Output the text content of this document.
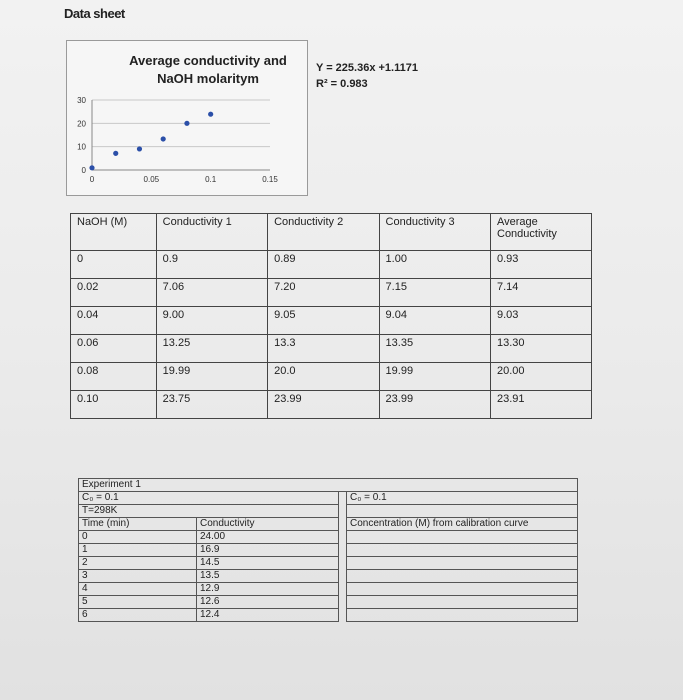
Data sheet
Average conductivity and
NaOH molaritym
Y = 225.36x +1.1171
R² = 0.983
0
10
20
30
0	0.05	0.1	0.15
NaOH (M)	Conductivity 1	Conductivity 2	Conductivity 3	Average Conductivity
0	0.9	0.89	1.00	0.93
0.02	7.06	7.20	7.15	7.14
0.04	9.00	9.05	9.04	9.03
0.06	13.25	13.3	13.35	13.30
0.08	19.99	20.0	19.99	20.00
0.10	23.75	23.99	23.99	23.91
Experiment 1			
C₀ = 0.1			C₀ = 0.1
T=298K			
Time (min)	Conductivity		Concentration (M) from calibration curve
0	24.00		
1	16.9		
2	14.5		
3	13.5		
4	12.9		
5	12.6		
6	12.4		
